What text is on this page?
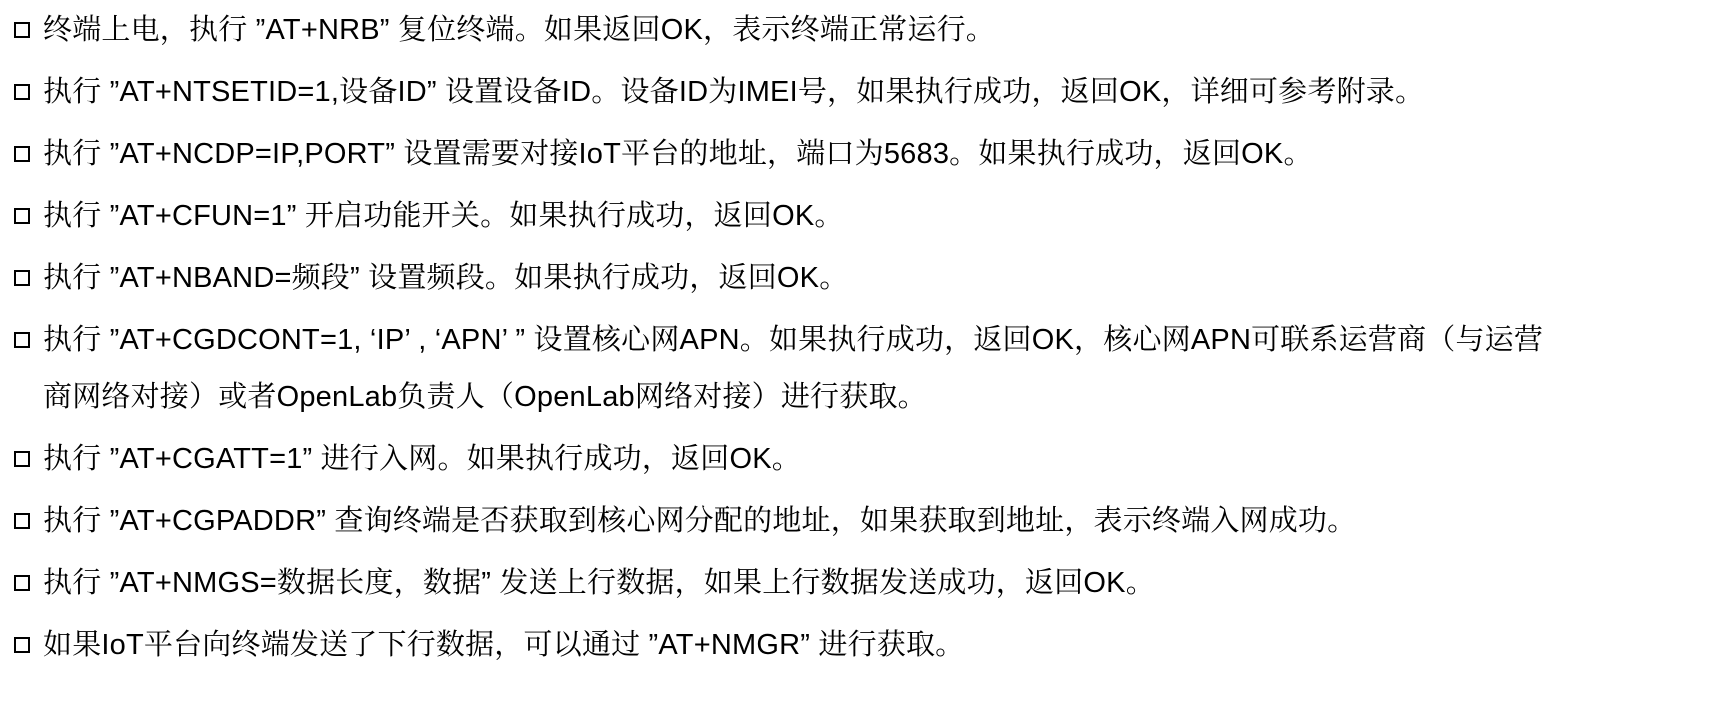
终端上电，执行 ”AT+NRB” 复位终端。如果返回OK，表示终端正常运行。
执行 ”AT+NTSETID=1,设备ID” 设置设备ID。设备ID为IMEI号，如果执行成功，返回OK，详细可参考附录。
执行 ”AT+NCDP=IP,PORT” 设置需要对接IoT平台的地址，端口为5683。如果执行成功，返回OK。
执行 ”AT+CFUN=1” 开启功能开关。如果执行成功，返回OK。
执行 ”AT+NBAND=频段” 设置频段。如果执行成功，返回OK。
执行 ”AT+CGDCONT=1, ‘IP’ , ‘APN’ ” 设置核心网APN。如果执行成功，返回OK，核心网APN可联系运营商（与运营
商网络对接）或者OpenLab负责人（OpenLab网络对接）进行获取。
执行 ”AT+CGATT=1” 进行入网。如果执行成功，返回OK。
执行 ”AT+CGPADDR” 查询终端是否获取到核心网分配的地址，如果获取到地址，表示终端入网成功。
执行 ”AT+NMGS=数据长度，数据” 发送上行数据，如果上行数据发送成功，返回OK。
如果IoT平台向终端发送了下行数据，可以通过 ”AT+NMGR” 进行获取。
